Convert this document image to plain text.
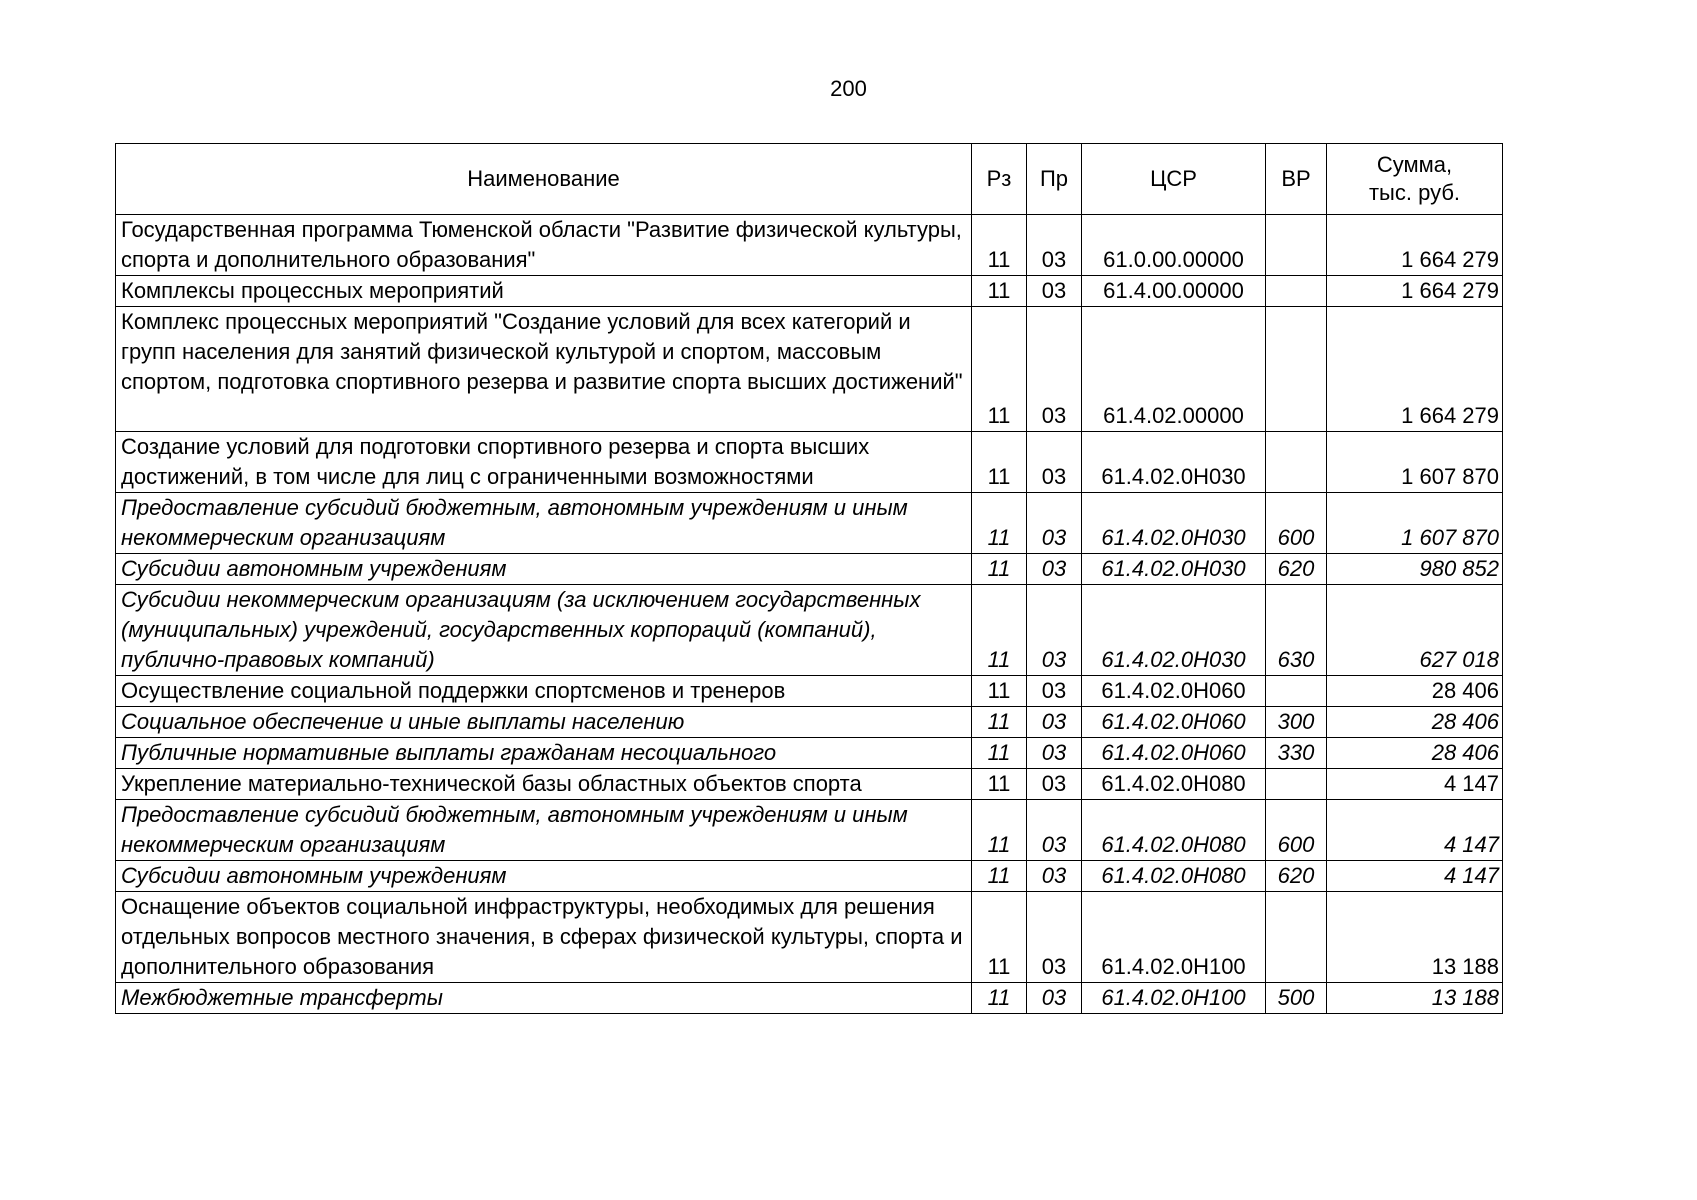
200
Наименование	Рз	Пр	ЦСР	ВР	Сумма,
тыс. руб.
Государственная программа Тюменской области "Развитие физической культуры, спорта и дополнительного образования"	11	03	61.0.00.00000		1 664 279
Комплексы процессных мероприятий	11	03	61.4.00.00000		1 664 279
Комплекс процессных мероприятий "Создание условий для всех категорий и групп населения для занятий физической культурой и спортом, массовым спортом, подготовка спортивного резерва и развитие спорта высших достижений"	11	03	61.4.02.00000		1 664 279
Создание условий для подготовки спортивного резерва и спорта высших достижений, в том числе для лиц с ограниченными возможностями	11	03	61.4.02.0Н030		1 607 870
Предоставление субсидий бюджетным, автономным учреждениям и иным некоммерческим организациям	11	03	61.4.02.0Н030	600	1 607 870
Субсидии автономным учреждениям	11	03	61.4.02.0Н030	620	980 852
Субсидии некоммерческим организациям (за исключением государственных (муниципальных) учреждений, государственных корпораций (компаний), публично-правовых компаний)	11	03	61.4.02.0Н030	630	627 018
Осуществление социальной поддержки спортсменов и тренеров	11	03	61.4.02.0Н060		28 406
Социальное обеспечение и иные выплаты населению	11	03	61.4.02.0Н060	300	28 406
Публичные нормативные выплаты гражданам несоциального	11	03	61.4.02.0Н060	330	28 406
Укрепление материально-технической базы областных объектов спорта	11	03	61.4.02.0Н080		4 147
Предоставление субсидий бюджетным, автономным учреждениям и иным некоммерческим организациям	11	03	61.4.02.0Н080	600	4 147
Субсидии автономным учреждениям	11	03	61.4.02.0Н080	620	4 147
Оснащение объектов социальной инфраструктуры, необходимых для решения отдельных вопросов местного значения, в сферах физической культуры, спорта и дополнительного образования	11	03	61.4.02.0Н100		13 188
Межбюджетные трансферты	11	03	61.4.02.0Н100	500	13 188
